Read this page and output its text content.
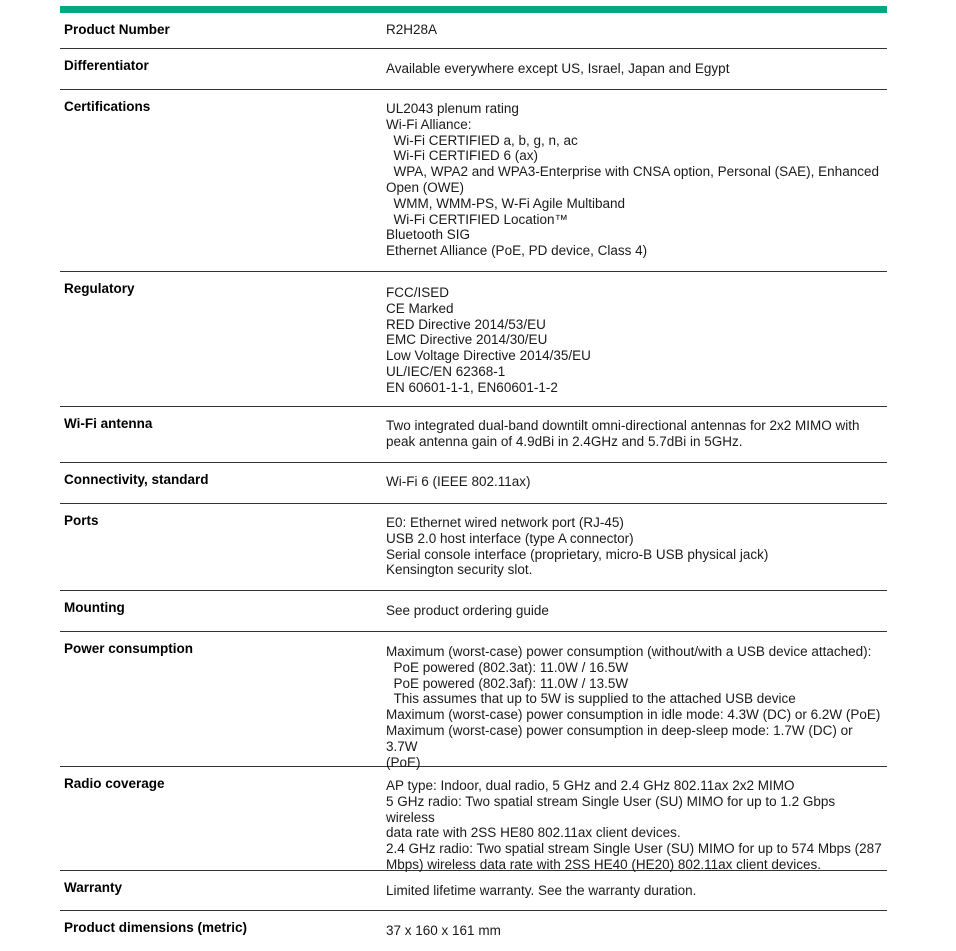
Product Number	R2H28A
Differentiator	Available everywhere except US, Israel, Japan and Egypt
Certifications	UL2043 plenum rating
Wi-Fi Alliance:
Wi-Fi CERTIFIED a, b, g, n, ac
Wi-Fi CERTIFIED 6 (ax)
WPA, WPA2 and WPA3-Enterprise with CNSA option, Personal (SAE), Enhanced
Open (OWE)
WMM, WMM-PS, W-Fi Agile Multiband
Wi-Fi CERTIFIED Location™
Bluetooth SIG
Ethernet Alliance (PoE, PD device, Class 4)
Regulatory	FCC/ISED
CE Marked
RED Directive 2014/53/EU
EMC Directive 2014/30/EU
Low Voltage Directive 2014/35/EU
UL/IEC/EN 62368-1
EN 60601-1-1, EN60601-1-2
Wi-Fi antenna	Two integrated dual-band downtilt omni-directional antennas for 2x2 MIMO with
peak antenna gain of 4.9dBi in 2.4GHz and 5.7dBi in 5GHz.
Connectivity, standard	Wi-Fi 6 (IEEE 802.11ax)
Ports	E0: Ethernet wired network port (RJ-45)
USB 2.0 host interface (type A connector)
Serial console interface (proprietary, micro-B USB physical jack)
Kensington security slot.
Mounting	See product ordering guide
Power consumption	Maximum (worst-case) power consumption (without/with a USB device attached):
PoE powered (802.3at): 11.0W / 16.5W
PoE powered (802.3af): 11.0W / 13.5W
This assumes that up to 5W is supplied to the attached USB device
Maximum (worst-case) power consumption in idle mode: 4.3W (DC) or 6.2W (PoE)
Maximum (worst-case) power consumption in deep-sleep mode: 1.7W (DC) or 3.7W
(PoE)
Radio coverage	AP type: Indoor, dual radio, 5 GHz and 2.4 GHz 802.11ax 2x2 MIMO
5 GHz radio: Two spatial stream Single User (SU) MIMO for up to 1.2 Gbps wireless
data rate with 2SS HE80 802.11ax client devices.
2.4 GHz radio: Two spatial stream Single User (SU) MIMO for up to 574 Mbps (287
Mbps) wireless data rate with 2SS HE40 (HE20) 802.11ax client devices.
Warranty	Limited lifetime warranty. See the warranty duration.
Product dimensions (metric)	37 x 160 x 161 mm
